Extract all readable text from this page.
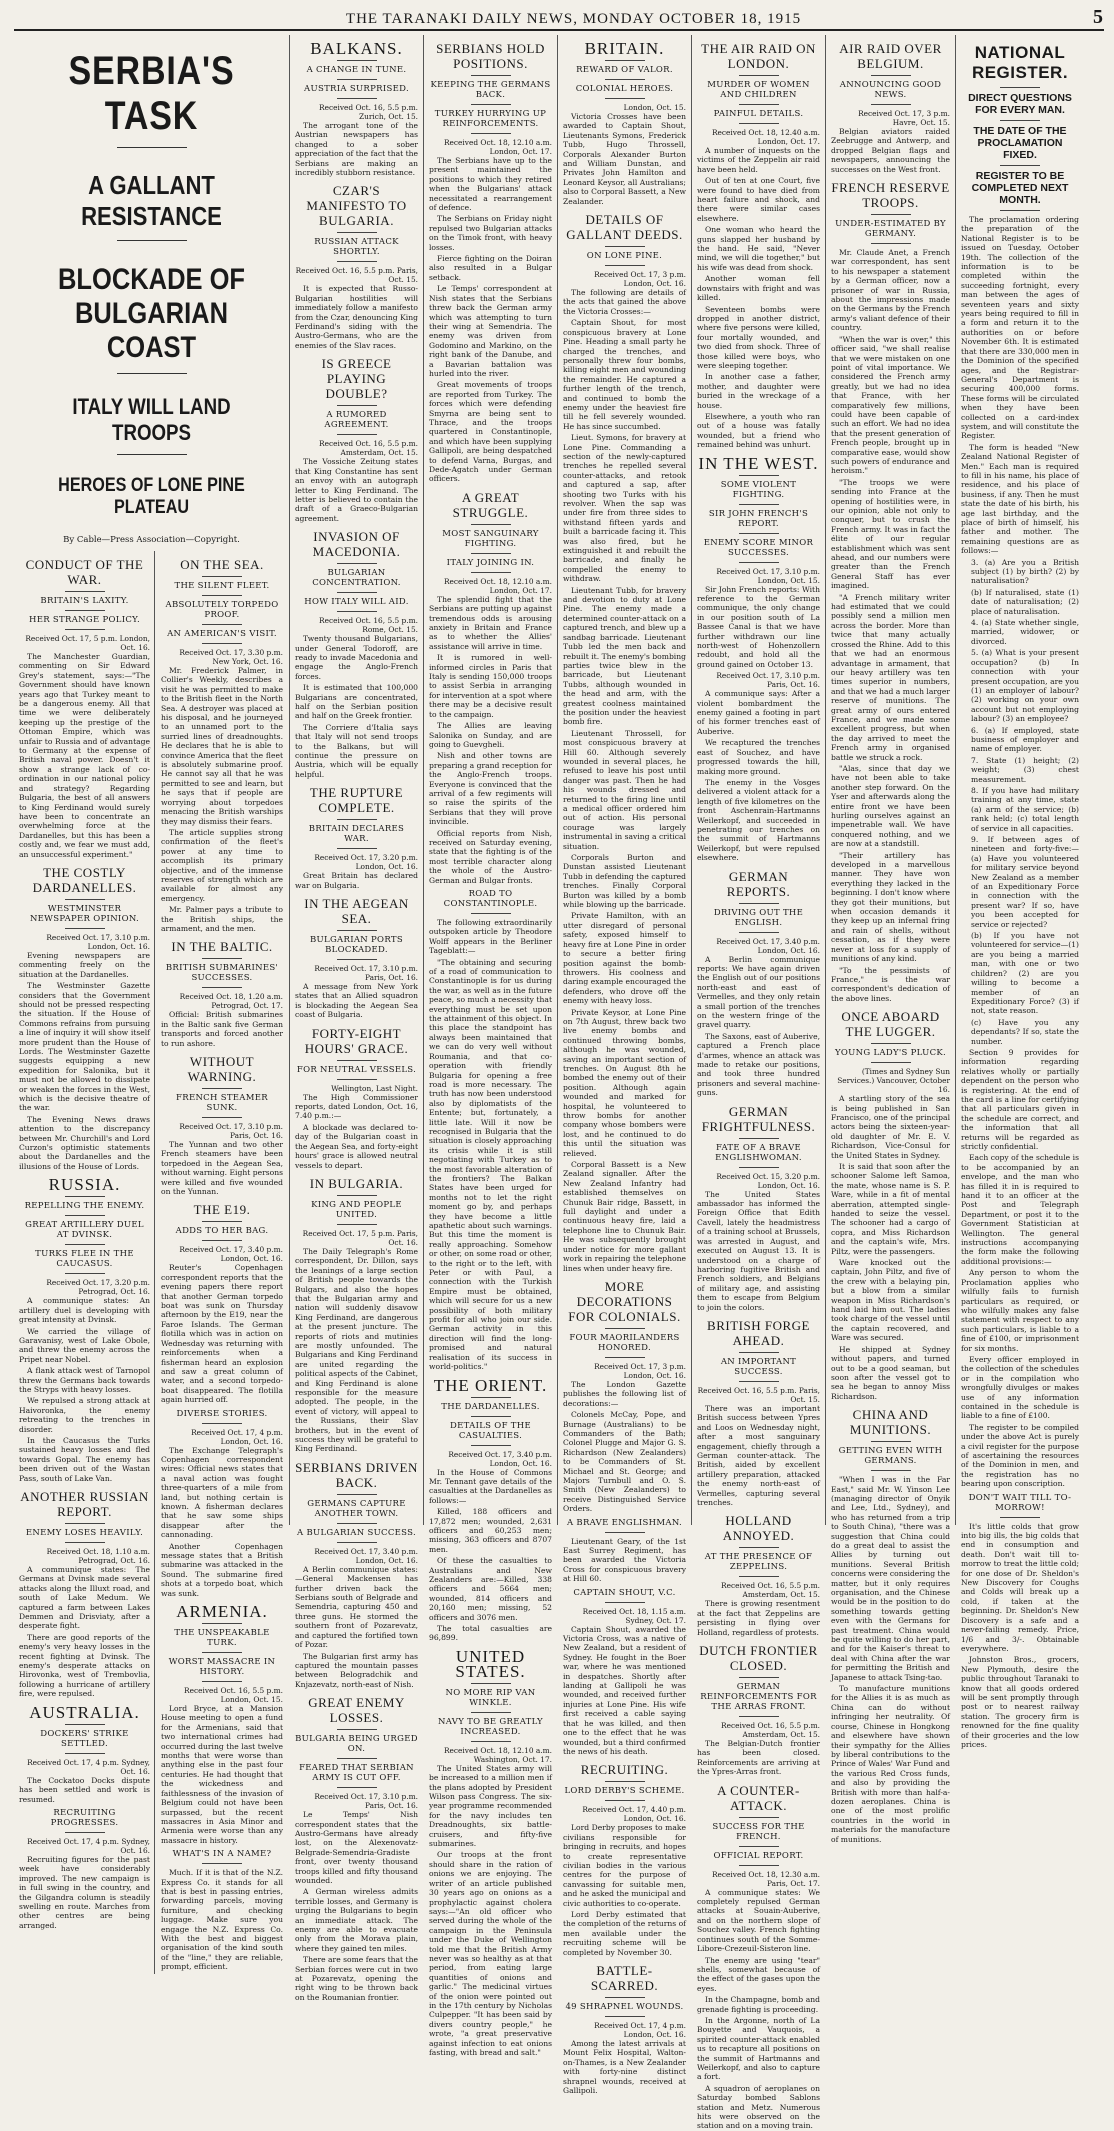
THE TARANAKI DAILY NEWS, MONDAY OCTOBER 18, 1915	5
SERBIA'S TASK
A GALLANT RESISTANCE
BLOCKADE OF BULGARIAN COAST
ITALY WILL LAND TROOPS
HEROES OF LONE PINE PLATEAU
By Cable—Press Association—Copyright.
CONDUCT OF THE WAR.
BRITAIN'S LAXITY.
HER STRANGE POLICY.

Received Oct. 17, 5 p.m. London, Oct. 16.

The Manchester Guardian, commenting on Sir Edward Grey's statement, says:—"The Government should have known years ago that Turkey meant to be a dangerous enemy. All that time we were deliberately keeping up the prestige of the Ottoman Empire, which was unfair to Russia and of advantage to Germany at the expense of British naval power. Doesn't it show a strange lack of co-ordination in our national policy and strategy? Regarding Bulgaria, the best of all answers to King Ferdinand would surely have been to concentrate an overwhelming force at the Dardanelles, but this has been a costly and, we fear we must add, an unsuccessful experiment."

THE COSTLY DARDANELLES.
WESTMINSTER NEWSPAPER OPINION.

Received Oct. 17, 3.10 p.m. London, Oct. 16.

Evening newspapers are commenting freely on the situation at the Dardanelles.

The Westminster Gazette considers that the Government should not be pressed respecting the situation. If the House of Commons refrains from pursuing a line of inquiry it will show itself more prudent than the House of Lords. The Westminster Gazette suggests equipping a new expedition for Salonika, but it must not be allowed to dissipate or weaken the forces in the West, which is the decisive theatre of the war.

The Evening News draws attention to the discrepancy between Mr. Churchill's and Lord Curzon's optimistic statements about the Dardanelles and the illusions of the House of Lords.

RUSSIA.
REPELLING THE ENEMY.
GREAT ARTILLERY DUEL AT DVINSK.
TURKS FLEE IN THE CAUCASUS.

Received Oct. 17, 3.20 p.m. Petrograd, Oct. 16.

A communique states: An artillery duel is developing with great intensity at Dvinsk.

We carried the village of Garavanisy, west of Lake Obole, and threw the enemy across the Pripet near Nobel.

A flank attack west of Tarnopol threw the Germans back towards the Stryps with heavy losses.

We repulsed a strong attack at Haivoronka, the enemy retreating to the trenches in disorder.

In the Caucasus the Turks sustained heavy losses and fled towards Gopal. The enemy has been driven out of the Wastan Pass, south of Lake Van.

ANOTHER RUSSIAN REPORT.
ENEMY LOSES HEAVILY.

Received Oct. 18, 1.10 a.m. Petrograd, Oct. 16.

A communique states: The Germans at Dvinsk made several attacks along the Illuxt road, and south of Lake Medum. We captured a farm between Lakes Demmen and Drisviaty, after a desperate fight.

There are good reports of the enemy's very heavy losses in the recent fighting at Dvinsk. The enemy's desperate attacks on Hirovonka, west of Trembovlia, following a hurricane of artillery fire, were repulsed.

AUSTRALIA.
DOCKERS' STRIKE SETTLED.

Received Oct. 17, 4 p.m. Sydney, Oct. 16.

The Cockatoo Docks dispute has been settled and work is resumed.

RECRUITING PROGRESSES.

Received Oct. 17, 4 p.m. Sydney, Oct. 16.

Recruiting figures for the past week have considerably improved. The new campaign is in full swing in the country, and the Gilgandra column is steadily swelling en route. Marches from other centres are being arranged.

ON THE SEA.
THE SILENT FLEET.
ABSOLUTELY TORPEDO PROOF.
AN AMERICAN'S VISIT.

Received Oct. 17, 3.30 p.m. New York, Oct. 16.

Mr. Frederick Palmer, in Collier's Weekly, describes a visit he was permitted to make to the British fleet in the North Sea. A destroyer was placed at his disposal, and he journeyed to an unnamed port to the surried lines of dreadnoughts. He declares that he is able to convince America that the fleet is absolutely submarine proof. He cannot say all that he was permitted to see and learn, but he says that if people are worrying about torpedoes menacing the British warships they may dismiss their fears.

The article supplies strong confirmation of the fleet's power at any time to accomplish its primary objective, and of the immense reserves of strength which are available for almost any emergency.

Mr. Palmer pays a tribute to the British ships, the armament, and the men.

IN THE BALTIC.
BRITISH SUBMARINES' SUCCESSES.

Received Oct. 18, 1.20 a.m. Petrograd, Oct. 17.

Official: British submarines in the Baltic sank five German transports and forced another to run ashore.

WITHOUT WARNING.
FRENCH STEAMER SUNK.

Received Oct. 17, 3.10 p.m. Paris, Oct. 16.

The Yunnan and two other French steamers have been torpedoed in the Aegean Sea, without warning. Eight persons were killed and five wounded on the Yunnan.

THE E19.
ADDS TO HER BAG.

Received Oct. 17, 3.40 p.m. London, Oct. 16.

Reuter's Copenhagen correspondent reports that the evening papers there report that another German torpedo boat was sunk on Thursday afternoon by the E19, near the Faroe Islands. The German flotilla which was in action on Wednesday was returning with reinforcements when a fisherman heard an explosion and saw a great column of water, and a second torpedo-boat disappeared. The flotilla again hurried off.

DIVERSE STORIES.

Received Oct. 17, 4 p.m. London, Oct. 16.

The Exchange Telegraph's Copenhagen correspondent wires: Official news states that a naval action was fought three-quarters of a mile from land, but nothing certain is known. A fisherman declares that he saw some ships disappear after the cannonading.

Another Copenhagen message states that a British submarine was attacked in the Sound. The submarine fired shots at a torpedo boat, which was sunk.

ARMENIA.
THE UNSPEAKABLE TURK.
WORST MASSACRE IN HISTORY.

Received Oct. 16, 5.5 p.m. London, Oct. 15.

Lord Bryce, at a Mansion House meeting to open a fund for the Armenians, said that two international crimes had occurred during the last twelve months that were worse than anything else in the past four centuries. He had thought that the wickedness and faithlessness of the invasion of Belgium could not have been surpassed, but the recent massacres in Asia Minor and Armenia were worse than any massacre in history.

WHAT'S IN A NAME?

Much. If it is that of the N.Z. Express Co. it stands for all that is best in passing entries, forwarding parcels, moving furniture, and checking luggage. Make sure you engage the N.Z. Express Co. With the best and biggest organisation of the kind south of the "line," they are reliable, prompt, efficient.

BALKANS.
A CHANGE IN TUNE.
AUSTRIA SURPRISED.

Received Oct. 16, 5.5 p.m. Zurich, Oct. 15.

The arrogant tone of the Austrian newspapers has changed to a sober appreciation of the fact that the Serbians are making an incredibly stubborn resistance.

CZAR'S MANIFESTO TO BULGARIA.
RUSSIAN ATTACK SHORTLY.

Received Oct. 16, 5.5 p.m. Paris, Oct. 15.

It is expected that Russo-Bulgarian hostilities will immediately follow a manifesto from the Czar, denouncing King Ferdinand's siding with the Austro-Germans, who are the enemies of the Slav races.

IS GREECE PLAYING DOUBLE?
A RUMORED AGREEMENT.

Received Oct. 16, 5.5 p.m. Amsterdam, Oct. 15.

The Vossiche Zeitung states that King Constantine has sent an envoy with an autograph letter to King Ferdinand. The letter is believed to contain the draft of a Graeco-Bulgarian agreement.

INVASION OF MACEDONIA.
BULGARIAN CONCENTRATION.
HOW ITALY WILL AID.

Received Oct. 16, 5.5 p.m. Rome, Oct. 15.

Twenty thousand Bulgarians, under General Todoroff, are ready to invade Macedonia and engage the Anglo-French forces.

It is estimated that 100,000 Bulgarians are concentrated, half on the Serbian position and half on the Greek frontier.

The Corriere d'Italia says that Italy will not send troops to the Balkans, but will continue the pressure on Austria, which will be equally helpful.

THE RUPTURE COMPLETE.
BRITAIN DECLARES WAR.

Received Oct. 17, 3.20 p.m. London, Oct. 16.

Great Britain has declared war on Bulgaria.

IN THE AEGEAN SEA.
BULGARIAN PORTS BLOCKADED.

Received Oct. 17, 3.10 p.m. Paris, Oct. 16.

A message from New York states that an Allied squadron is blockading the Aegean Sea coast of Bulgaria.

FORTY-EIGHT HOURS' GRACE.
FOR NEUTRAL VESSELS.

Wellington, Last Night.

The High Commissioner reports, dated London, Oct. 16, 7.40 p.m.:—

A blockade was declared to-day of the Bulgarian coast in the Aegean Sea, and forty-eight hours' grace is allowed neutral vessels to depart.

IN BULGARIA.
KING AND PEOPLE UNITED.

Received Oct. 17, 5 p.m. Paris, Oct. 16.

The Daily Telegraph's Rome correspondent, Dr. Dillon, says the leanings of a large section of British people towards the Bulgars, and also the hopes that the Bulgarian army and nation will suddenly disavow King Ferdinand, are dangerous at the present juncture. The reports of riots and mutinies are mostly unfounded. The Bulgarians and King Ferdinand are united regarding the political aspects of the Cabinet, and King Ferdinand is alone responsible for the measure adopted. The people, in the event of victory, will appeal to the Russians, their Slav brothers, but in the event of success they will be grateful to King Ferdinand.

SERBIANS DRIVEN BACK.
GERMANS CAPTURE ANOTHER TOWN.
A BULGARIAN SUCCESS.

Received Oct. 17, 3.40 p.m. London, Oct. 16.

A Berlin communique states:—General Mackensen has further driven back the Serbians south of Belgrade and Semendria, capturing 450 and three guns. He stormed the southern front of Pozarevatz, and captured the fortified town of Pozar.

The Bulgarian first army has captured the mountain passes between Belogradchik and Knjazevatz, north-east of Nish.

GREAT ENEMY LOSSES.
BULGARIA BEING URGED ON.
FEARED THAT SERBIAN ARMY IS CUT OFF.

Received Oct. 17, 3.10 p.m. Paris, Oct. 16.

Le Temps' Nish correspondent states that the Austro-Germans have already lost, on the Alexenovatz-Belgrade-Semendria-Gradiste front, over twenty thousand troops killed and fifty thousand wounded.

A German wireless admits terrible losses, and Germany is urging the Bulgarians to begin an immediate attack. The enemy are able to evacuate only from the Morava plain, where they gained ten miles.

There are some fears that the Serbian forces were cut in two at Pozarevatz, opening the right wing to be thrown back on the Roumanian frontier.

SERBIANS HOLD POSITIONS.
KEEPING THE GERMANS BACK.
TURKEY HURRYING UP REINFORCEMENTS.

Received Oct. 18, 12.10 a.m. London, Oct. 17.

The Serbians have up to the present maintained the positions to which they retired when the Bulgarians' attack necessitated a rearrangement of defence.

The Serbians on Friday night repulsed two Bulgarian attacks on the Timok front, with heavy losses.

Fierce fighting on the Doiran also resulted in a Bulgar setback.

Le Temps' correspondent at Nish states that the Serbians threw back the German army which was attempting to turn their wing at Semendria. The enemy was driven from Godomino and Markino, on the right bank of the Danube, and a Bavarian battalion was hurled into the river.

Great movements of troops are reported from Turkey. The forces which were defending Smyrna are being sent to Thrace, and the troops quartered in Constantinople, and which have been supplying Gallipoli, are being despatched to defend Varna, Burgas, and Dede-Agatch under German officers.

A GREAT STRUGGLE.
MOST SANGUINARY FIGHTING.
ITALY JOINING IN.

Received Oct. 18, 12.10 a.m. London, Oct. 17.

The splendid fight that the Serbians are putting up against tremendous odds is arousing anxiety in Britain and France as to whether the Allies' assistance will arrive in time.

It is rumored in well-informed circles in Paris that Italy is sending 150,000 troops to assist Serbia in arranging for intervention at a spot where there may be a decisive result to the campaign.

The Allies are leaving Salonika on Sunday, and are going to Guevgheli.

Nish and other towns are preparing a grand reception for the Anglo-French troops. Everyone is convinced that the arrival of a few regiments will so raise the spirits of the Serbians that they will prove invincible.

Official reports from Nish, received on Saturday evening, state that the fighting is of the most terrible character along the whole of the Austro-German and Bulgar fronts.

ROAD TO CONSTANTINOPLE.

The following extraordinarily outspoken article by Theodore Wolff appears in the Berliner Tageblatt:—

"The obtaining and securing of a road of communication to Constantinople is for us during the war, as well as in the future peace, so much a necessity that everything must be set upon the attainment of this object. In this place the standpoint has always been maintained that we can do very well without Roumania, and that co-operation with friendly Bulgaria for opening a free road is more necessary. The truth has now been understood also by diplomatists of the Entente; but, fortunately, a little late. Will it now be recognised in Bulgaria that the situation is closely approaching its crisis while it is still negotiating with Turkey as to the most favorable alteration of the frontiers? The Balkan States have been urged for months not to let the right moment go by, and perhaps they have become a little apathetic about such warnings. But this time the moment is really approaching. Somehow or other, on some road or other, to the right or to the left, with Peter or with Paul, a connection with the Turkish Empire must be obtained, which will secure for us a new possibility of both military profit for all who join our side. German activity in this direction will find the long-promised and natural realisation of its success in world-politics."

THE ORIENT.
THE DARDANELLES.
DETAILS OF THE CASUALTIES.

Received Oct. 17, 3.40 p.m. London, Oct. 16.

In the House of Commons Mr. Tennant gave details of the casualties at the Dardanelles as follows:—

Killed, 188 officers and 17,872 men; wounded, 2,631 officers and 60,253 men; missing, 363 officers and 8707 men.

Of these the casualties to Australians and New Zealanders are:—Killed, 338 officers and 5664 men; wounded, 814 officers and 20,160 men; missing, 52 officers and 3076 men.

The total casualties are 96,899.

UNITED STATES.
NO MORE RIP VAN WINKLE.
NAVY TO BE GREATLY INCREASED.

Received Oct. 18, 12.10 a.m. Washington, Oct. 17.

The United States army will be increased to a million men if the plans adopted by President Wilson pass Congress. The six-year programme recommended for the navy includes ten Dreadnoughts, six battle-cruisers, and fifty-five submarines.

Our troops at the front should share in the ration of onions we are enjoying. The writer of an article published 30 years ago on onions as a prophylactic against cholera says:—"An old officer who served during the whole of the campaign in the Peninsula under the Duke of Wellington told me that the British Army never was so healthy as at that period, from eating large quantities of onions and garlic." The medicinal virtues of the onion were pointed out in the 17th century by Nicholas Culpepper. "It has been said by divers country people," he wrote, "a great preservative against infection to eat onions fasting, with bread and salt."

BRITAIN.
REWARD OF VALOR.
COLONIAL HEROES.

London, Oct. 15.

Victoria Crosses have been awarded to Captain Shout, Lieutenants Symons, Frederick Tubb, Hugo Throssell, Corporals Alexander Burton and William Dunstan, and Privates John Hamilton and Leonard Keysor, all Australians; also to Corporal Bassett, a New Zealander.

DETAILS OF GALLANT DEEDS.
ON LONE PINE.

Received Oct. 17, 3 p.m. London, Oct. 16.

The following are details of the acts that gained the above the Victoria Crosses:—

Captain Shout, for most conspicuous bravery at Lone Pine. Heading a small party he charged the trenches, and personally threw four bombs, killing eight men and wounding the remainder. He captured a further length of the trench, and continued to bomb the enemy under the heaviest fire till he fell severely wounded. He has since succumbed.

Lieut. Symons, for bravery at Lone Pine. Commanding a section of the newly-captured trenches he repelled several counter-attacks, and retook and captured a sap, after shooting two Turks with his revolver. When the sap was under fire from three sides to withstand fifteen yards and built a barricade facing it. This was also fired, but he extinguished it and rebuilt the barricade, and finally he compelled the enemy to withdraw.

Lieutenant Tubb, for bravery and devotion to duty at Lone Pine. The enemy made a determined counter-attack on a captured trench, and blew up a sandbag barricade. Lieutenant Tubb led the men back and rebuilt it. The enemy's bombing parties twice blew in the barricade, but Lieutenant Tubbs, although wounded in the head and arm, with the greatest coolness maintained the position under the heaviest bomb fire.

Lieutenant Throssell, for most conspicuous bravery at Hill 60. Although severely wounded in several places, he refused to leave his post until danger was past. Then he had his wounds dressed and returned to the firing line until a medical officer ordered him out of action. His personal courage was largely instrumental in saving a critical situation.

Corporals Burton and Dunstan assisted Lieutenant Tubb in defending the captured trenches. Finally Corporal Burton was killed by a bomb while blowing up the barricade.

Private Hamilton, with an utter disregard of personal safety, exposed himself to heavy fire at Lone Pine in order to secure a better firing position against the bomb-throwers. His coolness and daring example encouraged the defenders, who drove off the enemy with heavy loss.

Private Keysor, at Lone Pine on 7th August, threw back two live enemy bombs and continued throwing bombs, although he was wounded, saving an important section of trenches. On August 8th he bombed the enemy out of their position. Although again wounded and marked for hospital, he volunteered to throw bombs for another company whose bombers were lost, and he continued to do this until the situation was relieved.

Corporal Bassett is a New Zealand signaller. After the New Zealand Infantry had established themselves on Chunuk Bair ridge, Bassett, in full daylight and under a continuous heavy fire, laid a telephone line to Chunuk Bair. He was subsequently brought under notice for more gallant work in repairing the telephone lines when under heavy fire.

MORE DECORATIONS FOR COLONIALS.
FOUR MAORILANDERS HONORED.

Received Oct. 17, 3 p.m. London, Oct. 16.

The London Gazette publishes the following list of decorations:—

Colonels McCay, Pope, and Burnage (Australians) to be Commanders of the Bath; Colonel Plugge and Major G. S. Richardson (New Zealanders) to be Commanders of St. Michael and St. George; and Majors Turnbull and O. S. Smith (New Zealanders) to receive Distinguished Service Orders.

A BRAVE ENGLISHMAN.

Lieutenant Geary, of the 1st East Surrey Regiment, has been awarded the Victoria Cross for conspicuous bravery at Hill 60.

CAPTAIN SHOUT, V.C.

Received Oct. 18, 1.15 a.m. Sydney, Oct. 17.

Captain Shout, awarded the Victoria Cross, was a native of New Zealand, but a resident of Sydney. He fought in the Boer war, where he was mentioned in despatches. Shortly after landing at Gallipoli he was wounded, and received further injuries at Lone Pine. His wife first received a cable saying that he was killed, and then one to the effect that he was wounded, but a third confirmed the news of his death.

RECRUITING.
LORD DERBY'S SCHEME.

Received Oct. 17, 4.40 p.m. London, Oct. 16.

Lord Derby proposes to make civilians responsible for bringing in recruits, and hopes to create representative civilian bodies in the various centres for the purpose of canvassing for suitable men, and he asked the municipal and civic authorities to co-operate.

Lord Derby estimated that the completion of the returns of men available under the recruiting scheme will be completed by November 30.

BATTLE-SCARRED.
49 SHRAPNEL WOUNDS.

Received Oct. 17, 4 p.m. London, Oct. 16.

Among the latest arrivals at Mount Felix Hospital, Walton-on-Thames, is a New Zealander with forty-nine distinct shrapnel wounds, received at Gallipoli.

THE AIR RAID ON LONDON.
MURDER OF WOMEN AND CHILDREN
PAINFUL DETAILS.

Received Oct. 18, 12.40 a.m. London, Oct. 17.

A number of inquests on the victims of the Zeppelin air raid have been held.

Out of ten at one Court, five were found to have died from heart failure and shock, and there were similar cases elsewhere.

One woman who heard the guns slapped her husband by the hand. He said, "Never mind, we will die together," but his wife was dead from shock.

Another woman fell downstairs with fright and was killed.

Seventeen bombs were dropped in another district, where five persons were killed, four mortally wounded, and two died from shock. Three of those killed were boys, who were sleeping together.

In another case a father, mother, and daughter were buried in the wreckage of a house.

Elsewhere, a youth who ran out of a house was fatally wounded, but a friend who remained behind was unhurt.

IN THE WEST.
SOME VIOLENT FIGHTING.
SIR JOHN FRENCH'S REPORT.
ENEMY SCORE MINOR SUCCESSES.

Received Oct. 17, 3.10 p.m. London, Oct. 15.

Sir John French reports: With reference to the German communique, the only change in our position south of La Bassee Canal is that we have further withdrawn our line north-west of Hohenzollern redoubt, and hold all the ground gained on October 13.

Received Oct. 17, 3.10 p.m. Paris, Oct. 16.

A communique says: After a violent bombardment the enemy gained a footing in part of his former trenches east of Auberive.

We recaptured the trenches east of Souchez, and have progressed towards the hill, making more ground.

The enemy in the Vosges delivered a violent attack for a length of five kilometres on the front Aschenrain-Hartmanns Weilerkopf, and succeeded in penetrating our trenches on the summit of Hartmanns Weilerkopf, but were repulsed elsewhere.

GERMAN REPORTS.
DRIVING OUT THE ENGLISH.

Received Oct. 17, 3.40 p.m. London, Oct. 16.

A Berlin communique reports: We have again driven the English out of our positions north-east and east of Vermelles, and they only retain a small portion of the trenches on the western fringe of the gravel quarry.

The Saxons, east of Auberive, captured a French place d'armes, whence an attack was made to retake our positions, and took three hundred prisoners and several machine-guns.

GERMAN FRIGHTFULNESS.
FATE OF A BRAVE ENGLISHWOMAN.

Received Oct. 15, 3.20 p.m. London, Oct. 16.

The United States ambassador has informed the Foreign Office that Edith Cavell, lately the headmistress of a training school at Brussels, was arrested in August, and executed on August 13. It is understood on a charge of harboring fugitive British and French soldiers, and Belgians of military age, and assisting them to escape from Belgium to join the colors.

BRITISH FORGE AHEAD.
AN IMPORTANT SUCCESS.

Received Oct. 16, 5.5 p.m. Paris, Oct. 15.

There was an important British success between Ypres and Loos on Wednesday night, after a most sanguinary engagement, chiefly through a German counter-attack. The British, aided by excellent artillery preparation, attacked the enemy north-east of Vermelles, capturing several trenches.

HOLLAND ANNOYED.
AT THE PRESENCE OF ZEPPELINS.

Received Oct. 16, 5.5 p.m. Amsterdam, Oct. 15.

There is growing resentment at the fact that Zeppelins are persisting in flying over Holland, regardless of protests.

DUTCH FRONTIER CLOSED.
GERMAN REINFORCEMENTS FOR THE ARRAS FRONT.

Received Oct. 16, 5.5 p.m. Amsterdam, Oct. 15.

The Belgian-Dutch frontier has been closed. Reinforcements are arriving at the Ypres-Arras front.

A COUNTER-ATTACK.
SUCCESS FOR THE FRENCH.
OFFICIAL REPORT.

Received Oct. 18, 12.30 a.m. Paris, Oct. 17.

A communique states: We completely repulsed German attacks at Souain-Auberive, and on the northern slope of Souchez valley. French fighting continues south of the Somme-Libore-Crezeuil-Sisteron line.

The enemy are using "tear" shells, somewhat because of the effect of the gases upon the eyes.

In the Champagne, bomb and grenade fighting is proceeding.

In the Argonne, north of La Bouyette and Vauquois, a spirited counter-attack enabled us to recapture all positions on the summit of Hartmanns and Weilerkopf, and also to capture a fort.

A squadron of aeroplanes on Saturday bombed Sablons station and Metz. Numerous hits were observed on the station and on a moving train.

AIR RAID OVER BELGIUM.
ANNOUNCING GOOD NEWS.

Received Oct. 17, 3 p.m. Havre, Oct. 15.

Belgian aviators raided Zeebrugge and Antwerp, and dropped Belgian flags and newspapers, announcing the successes on the West front.

FRENCH RESERVE TROOPS.
UNDER-ESTIMATED BY GERMANY.

Mr. Claude Anet, a French war correspondent, has sent to his newspaper a statement by a German officer, now a prisoner of war in Russia, about the impressions made on the Germans by the French army's valiant defence of their country.

"When the war is over," this officer said, "we shall realise that we were mistaken on one point of vital importance. We considered the French army greatly, but we had no idea that France, with her comparatively few millions, could have been capable of such an effort. We had no idea that the present generation of French people, brought up in comparative ease, would show such powers of endurance and heroism."

"The troops we were sending into France at the opening of hostilities were, in our opinion, able not only to conquer, but to crush the French army. It was in fact the élite of our regular establishment which was sent ahead, and our numbers were greater than the French General Staff has ever imagined.

"A French military writer had estimated that we could possibly send a million men across the border. More than twice that many actually crossed the Rhine. Add to this that we had an enormous advantage in armament, that our heavy artillery was ten times superior in numbers, and that we had a much larger reserve of munitions. The great army of ours entered France, and we made some excellent progress, but when the day arrived to meet the French army in organised battle we struck a rock.

"Alas, since that day we have not been able to take another step forward. On the Yser and afterwards along the entire front we have been hurling ourselves against an impenetrable wall. We have conquered nothing, and we are now at a standstill.

"Their artillery has developed in a marvellous manner. They have won everything they lacked in the beginning. I don't know where they got their munitions, but when occasion demands it they keep up an infernal fring and rain of shells, without cessation, as if they were never at loss for a supply of munitions of any kind.

"To the pessimists of France," is the war correspondent's dedication of the above lines.

ONCE ABOARD THE LUGGER.
YOUNG LADY'S PLUCK.

(Times and Sydney Sun Services.) Vancouver, October 16.

A startling story of the sea is being published in San Francisco, one of the principal actors being the sixteen-year-old daughter of Mr. E. V. Richardson, Vice-Consul for the United States in Sydney.

It is said that soon after the schooner Salome left Samoa, the mate, whose name is S. P. Ware, while in a fit of mental aberration, attempted single-handed to seize the vessel. The schooner had a cargo of copra, and Miss Richardson and the captain's wife, Mrs. Piltz, were the passengers.

Ware knocked out the captain, John Piltz, and five of the crew with a belaying pin, but a blow from a similar weapon in Miss Richardson's hand laid him out. The ladies took charge of the vessel until the captain recovered, and Ware was secured.

He shipped at Sydney without papers, and turned out to be a good seaman, but soon after the vessel got to sea he began to annoy Miss Richardson.

CHINA AND MUNITIONS.
GETTING EVEN WITH GERMANS.

"When I was in the Far East," said Mr. W. Yinson Lee (managing director of Onyik and Lee, Ltd., Sydney), and who has returned from a trip to South China), "there was a suggestion that China could do a great deal to assist the Allies by turning out munitions. Several British concerns were considering the matter, but it only requires organisation, and the Chinese would be in the position to do something towards getting even with the Germans for past treatment. China would be quite willing to do her part, and for the Kaiser's threat to deal with China after the war for permitting the British and Japanese to attack Tsing-tao.

To manufacture munitions for the Allies it is as much as China can do without infringing her neutrality. Of course, Chinese in Hongkong and elsewhere have shown their sympathy for the Allies by liberal contributions to the Prince of Wales' War Fund and the various Red Cross funds, and also by providing the British with more than half-a-dozen aeroplanes. China is one of the most prolific countries in the world in materials for the manufacture of munitions.

NATIONAL REGISTER.
DIRECT QUESTIONS FOR EVERY MAN.
THE DATE OF THE PROCLAMATION FIXED.
REGISTER TO BE COMPLETED NEXT MONTH.

The proclamation ordering the preparation of the National Register is to be issued on Tuesday, October 19th. The collection of the information is to be completed within the succeeding fortnight, every man between the ages of seventeen years and sixty years being required to fill in a form and return it to the authorities on or before November 6th. It is estimated that there are 330,000 men in the Dominion of the specified ages, and the Registrar-General's Department is securing 400,000 forms. These forms will be circulated when they have been collected on a card-index system, and will constitute the Register.

The form is headed "New Zealand National Register of Men." Each man is required to fill in his name, his place of residence, and his place of business, if any. Then he must state the date of his birth, his age last birthday, and the place of birth of himself, his father and mother. The remaining questions are as follows:—

3. (a) Are you a British subject (1) by birth? (2) by naturalisation?

(b) If naturalised, state (1) date of naturalisation; (2) place of naturalisation.

4. (a) State whether single, married, widower, or divorced.

5. (a) What is your present occupation? (b) In connection with your present occupation, are you (1) an employer of labour? (2) working on your own account but not employing labour? (3) an employee?

6. (a) If employed, state business of employer and name of employer.

7. State (1) height; (2) weight; (3) chest measurement.

8. If you have had military training at any time, state (a) arm of the service; (b) rank held; (c) total length of service in all capacities.

9. If between ages of nineteen and forty-five:—(a) Have you volunteered for military service beyond New Zealand as a member of an Expeditionary Force in connection with the present war? If so, have you been accepted for service or rejected?

(b) If you have not volunteered for service—(1) are you being a married man, with one or two children? (2) are you willing to become a member of an Expeditionary Force? (3) if not, state reason.

(c) Have you any dependants? If so, state the number.

Section 9 provides for information regarding relatives wholly or partially dependent on the person who is registering. At the end of the card is a line for certifying that all particulars given in the schedule are correct, and the information that all returns will be regarded as strictly confidential.

Each copy of the schedule is to be accompanied by an envelope, and the man who has filled it in is required to hand it to an officer at the Post and Telegraph Department, or post it to the Government Statistician at Wellington. The general instructions accompanying the form make the following additional provisions:—

Any person to whom the Proclamation applies who wilfully fails to furnish particulars as required, or who wilfully makes any false statement with respect to any such particulars, is liable to a fine of £100, or imprisonment for six months.

Every officer employed in the collection of the schedules or in the compilation who wrongfully divulges or makes use of any information contained in the schedule is liable to a fine of £100.

The register to be compiled under the above Act is purely a civil register for the purpose of ascertaining the resources of the Dominion in men, and the registration has no bearing upon conscription.

DON'T WAIT TILL TO-MORROW!

It's little colds that grow into big ills, the big colds that end in consumption and death. Don't wait till to-morrow to treat the little cold; for one dose of Dr. Sheldon's New Discovery for Coughs and Colds will break up a cold, if taken at the beginning. Dr. Sheldon's New Discovery is a safe and a never-failing remedy. Price, 1/6 and 3/-. Obtainable everywhere.

Johnston Bros., grocers, New Plymouth, desire the public throughout Taranaki to know that all goods ordered will be sent promptly through post or to nearest railway station. The grocery firm is renowned for the fine quality of their groceries and the low prices.
